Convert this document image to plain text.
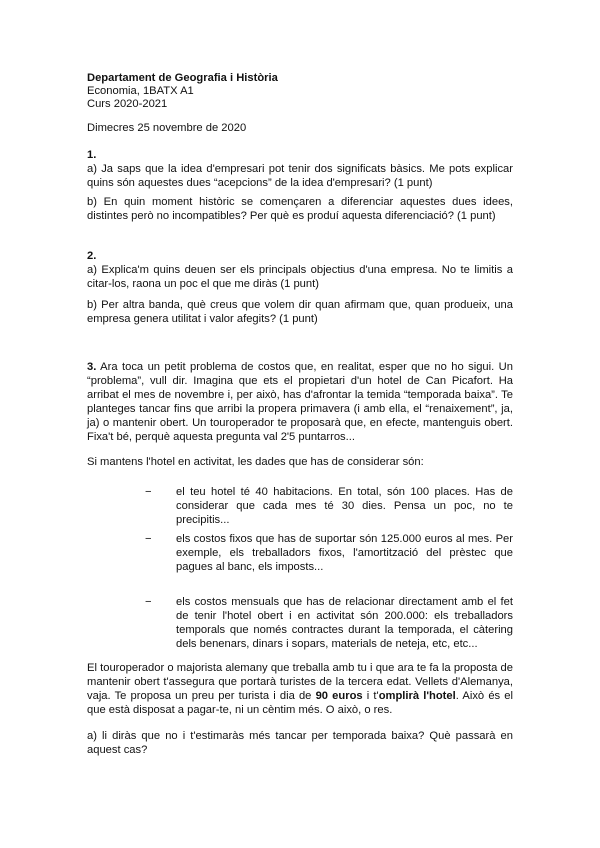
Departament de Geografia i Història
Economia, 1BATX A1
Curs 2020-2021
Dimecres 25 novembre de 2020
1.
a) Ja saps que la idea d'empresari pot tenir dos significats bàsics. Me pots explicar quins són aquestes dues “acepcions” de la idea d'empresari? (1 punt)
b) En quin moment històric se començaren a diferenciar aquestes dues idees, distintes però no incompatibles? Per què es produí aquesta diferenciació? (1 punt)
2.
a) Explica'm quins deuen ser els principals objectius d'una empresa. No te limitis a citar-los, raona un poc el que me diràs (1 punt)
b) Per altra banda, què creus que volem dir quan afirmam que, quan produeix, una empresa genera utilitat i valor afegits? (1 punt)
3. Ara toca un petit problema de costos que, en realitat, esper que no ho sigui. Un “problema”, vull dir. Imagina que ets el propietari d'un hotel de Can Picafort. Ha arribat el mes de novembre i, per això, has d'afrontar la temida “temporada baixa”. Te planteges tancar fins que arribi la propera primavera (i amb ella, el “renaixement”, ja, ja) o mantenir obert. Un touroperador te proposarà que, en efecte, mantenguis obert. Fixa't bé, perquè aquesta pregunta val 2'5 puntarros...
Si mantens l'hotel en activitat, les dades que has de considerar són:
− el teu hotel té 40 habitacions. En total, són 100 places. Has de considerar que cada mes té 30 dies. Pensa un poc, no te precipitis...
− els costos fixos que has de suportar són 125.000 euros al mes. Per exemple, els treballadors fixos, l'amortització del prèstec que pagues al banc, els imposts...
− els costos mensuals que has de relacionar directament amb el fet de tenir l'hotel obert i en activitat són 200.000: els treballadors temporals que només contractes durant la temporada, el càtering dels benenars, dinars i sopars, materials de neteja, etc, etc...
El touroperador o majorista alemany que treballa amb tu i que ara te fa la proposta de mantenir obert t'assegura que portarà turistes de la tercera edat. Vellets d'Alemanya, vaja. Te proposa un preu per turista i dia de 90 euros i t'omplirà l'hotel. Això és el que està disposat a pagar-te, ni un cèntim més. O això, o res.
a) li diràs que no i t'estimaràs més tancar per temporada baixa? Què passarà en aquest cas?
